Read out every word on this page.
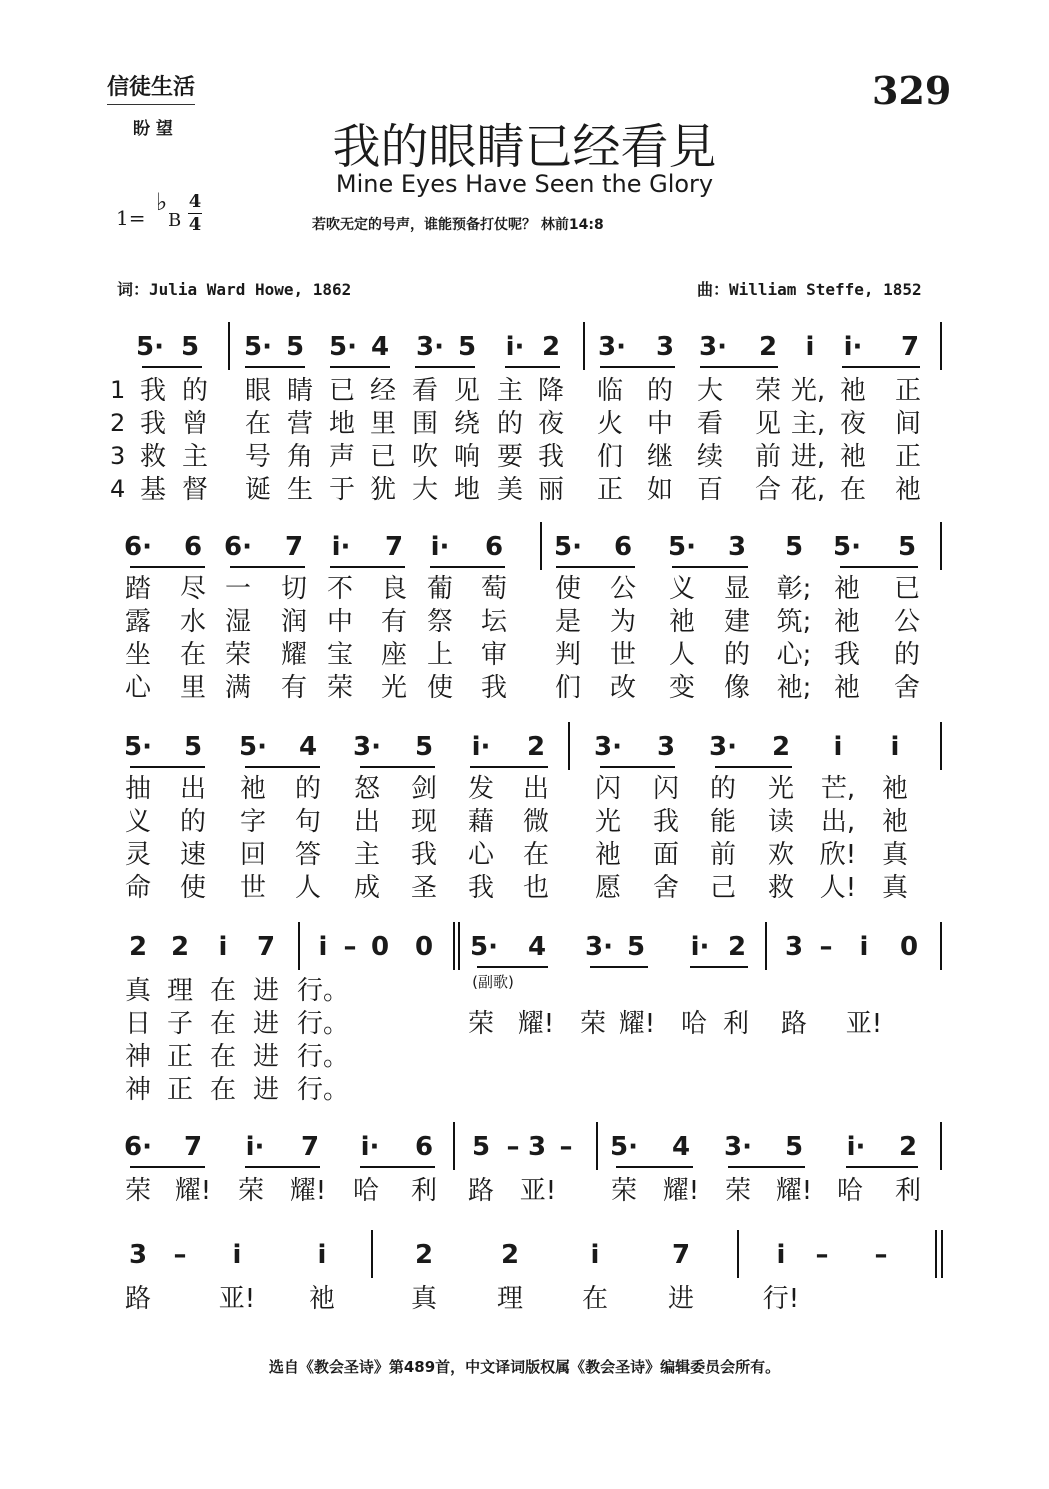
信徒生活
盼 望
329
我的眼睛已经看見
Mine Eyes Have Seen the Glory
1=
♭
B
4
4	若吹无定的号声，谁能预备打仗呢？ 林前14:8
词：Julia Ward Howe, 1862	曲：William Steffe, 1852
5· 5 5· 5 5· 4 3· 5 i· 2 3· 3 3· 2 i i· 7
1 我 的 眼 睛 已 经 看 见 主 降 临 的 大 荣 光, 祂 正
2 我 曾 在 营 地 里 围 绕 的 夜 火 中 看 见 主, 夜 间
3 救 主 号 角 声 已 吹 响 要 我 们 继 续 前 进, 祂 正
4 基 督 诞 生 于 犹 大 地 美 丽 正 如 百 合 花, 在 祂
6· 6 6· 7 i· 7 i· 6 5· 6 5· 3 5 5· 5
踏 尽 一 切 不 良 葡 萄 使 公 义 显 彰; 祂 已
露 水 湿 润 中 有 祭 坛 是 为 祂 建 筑; 祂 公
坐 在 荣 耀 宝 座 上 审 判 世 人 的 心; 我 的
心 里 满 有 荣 光 使 我 们 改 变 像 祂; 祂 舍
5· 5 5· 4 3· 5 i· 2 3· 3 3· 2 i i
抽 出 祂 的 怒 剑 发 出 闪 闪 的 光 芒, 祂
义 的 字 句 出 现 藉 微 光 我 能 读 出, 祂
灵 速 回 答 主 我 心 在 祂 面 前 欢 欣! 真
命 使 世 人 成 圣 我 也 愿 舍 己 救 人! 真
2 2 i 7 i – 0 0 5· 4 3· 5 i· 2 3 – i 0
(副歌)
真 理 在 进 行。
日 子 在 进 行。	荣 耀! 荣 耀! 哈 利 路 亚!
神 正 在 进 行。
神 正 在 进 行。
6· 7 i· 7 i· 6 5 – 3 – 5· 4 3· 5 i· 2
荣 耀! 荣 耀! 哈 利 路 亚! 荣 耀! 荣 耀! 哈 利
3 – i	i	2	2	i	7	i – –
路	亚! 祂	真 理 在 进	行!
选自《教会圣诗》第489首，中文译词版权属《教会圣诗》编辑委员会所有。
